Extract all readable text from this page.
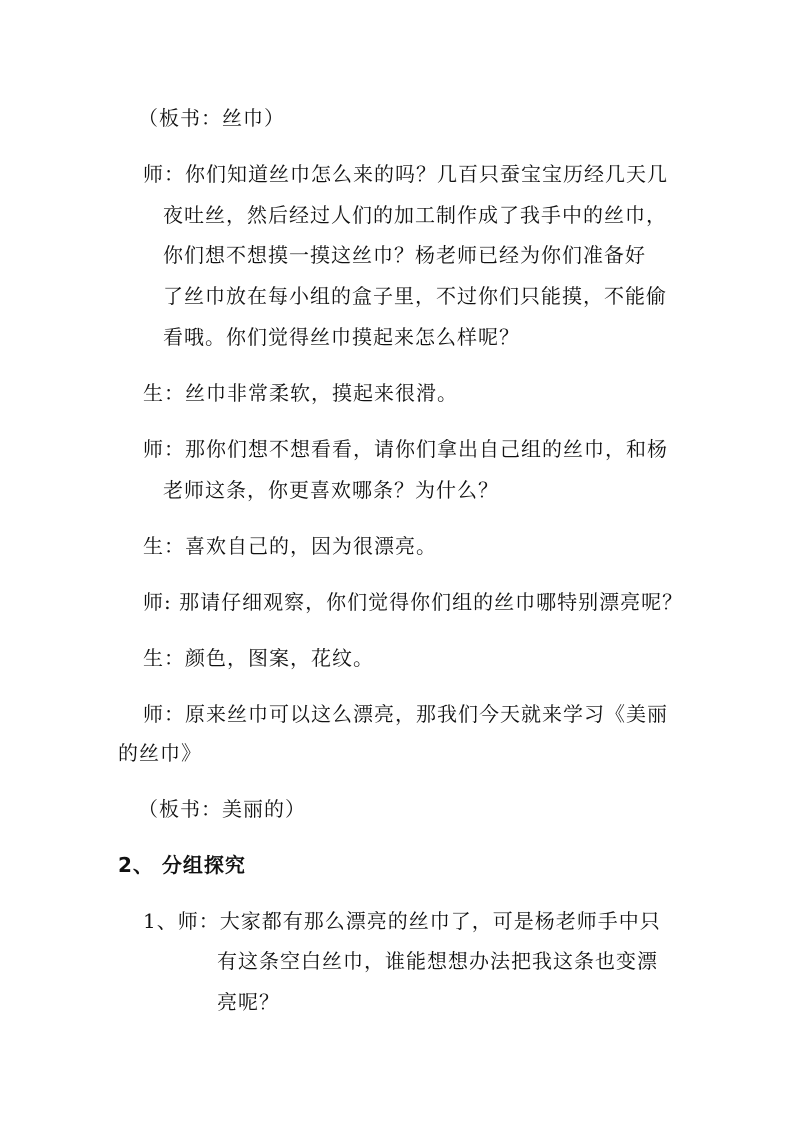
（板书：丝巾）
师：你们知道丝巾怎么来的吗？几百只蚕宝宝历经几天几
夜吐丝，然后经过人们的加工制作成了我手中的丝巾，
你们想不想摸一摸这丝巾？杨老师已经为你们准备好
了丝巾放在每小组的盒子里，不过你们只能摸，不能偷
看哦。你们觉得丝巾摸起来怎么样呢？
生：丝巾非常柔软，摸起来很滑。
师：那你们想不想看看，请你们拿出自己组的丝巾，和杨
老师这条，你更喜欢哪条？为什么？
生：喜欢自己的，因为很漂亮。
师: 那请仔细观察，你们觉得你们组的丝巾哪特别漂亮呢？
生：颜色，图案，花纹。
师：原来丝巾可以这么漂亮，那我们今天就来学习《美丽
的丝巾》
（板书：美丽的）
2、 分组探究
1、师：大家都有那么漂亮的丝巾了，可是杨老师手中只
有这条空白丝巾，谁能想想办法把我这条也变漂
亮呢？
